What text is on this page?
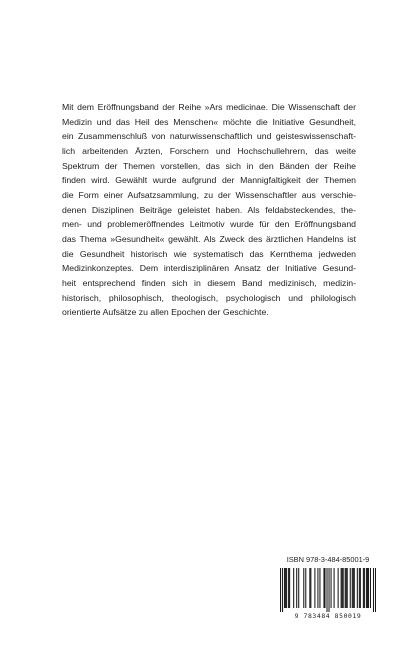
Mit dem Eröffnungsband der Reihe »Ars medicinae. Die Wissenschaft der
Medizin und das Heil des Menschen« möchte die Initiative Gesundheit,
ein Zusammenschluß von naturwissenschaftlich und geisteswissenschaft-
lich arbeitenden Ärzten, Forschern und Hochschullehrern, das weite
Spektrum der Themen vorstellen, das sich in den Bänden der Reihe
finden wird. Gewählt wurde aufgrund der Mannigfaltigkeit der Themen
die Form einer Aufsatzsammlung, zu der Wissenschaftler aus verschie-
denen Disziplinen Beiträge geleistet haben. Als feldabsteckendes, the-
men- und problemeröffnendes Leitmotiv wurde für den Eröffnungsband
das Thema »Gesundheit« gewählt. Als Zweck des ärztlichen Handelns ist
die Gesundheit historisch wie systematisch das Kernthema jedweden
Medizinkonzeptes. Dem interdisziplinären Ansatz der Initiative Gesund-
heit entsprechend finden sich in diesem Band medizinisch, medizin-
historisch, philosophisch, theologisch, psychologisch und philologisch
orientierte Aufsätze zu allen Epochen der Geschichte.
ISBN 978-3-484-85001-9
9 783484 850019
